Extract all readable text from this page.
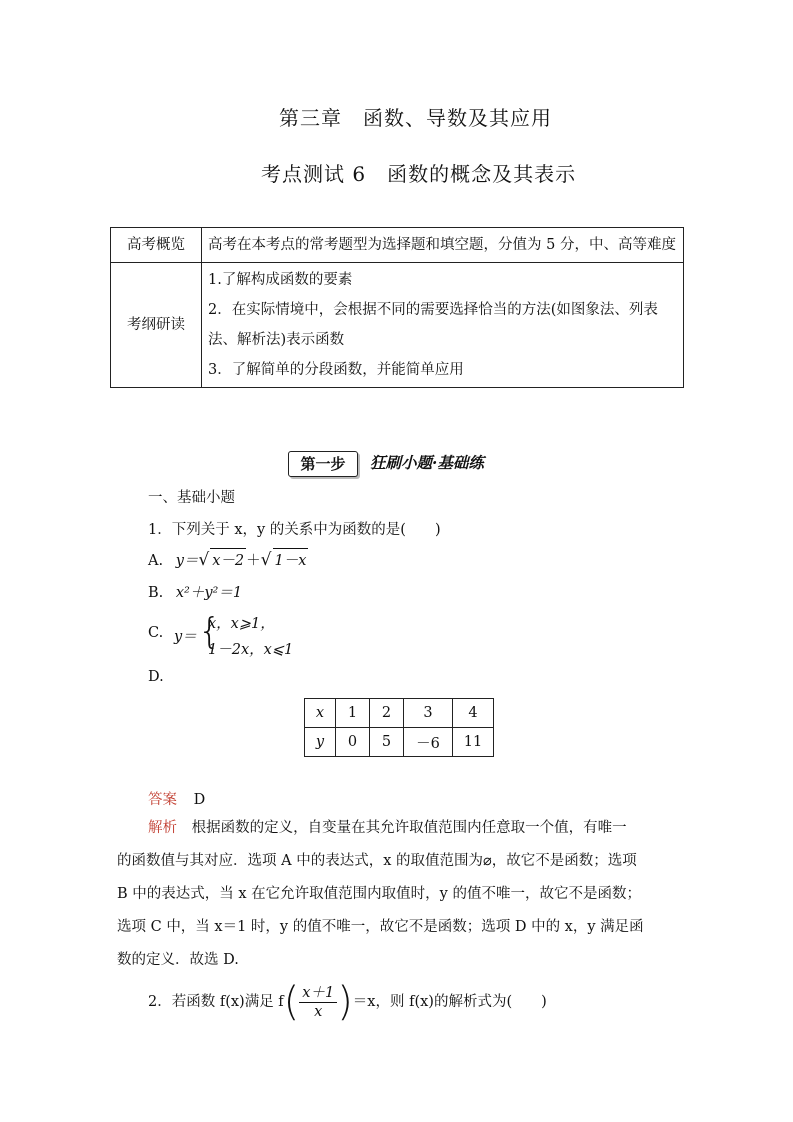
第三章　函数、导数及其应用
考点测试 6　函数的概念及其表示
高考概览	高考在本考点的常考题型为选择题和填空题，分值为 5 分，中、高等难度
考纲研读	1.了解构成函数的要素
2．在实际情境中，会根据不同的需要选择恰当的方法(如图象法、列表法、解析法)表示函数
3．了解简单的分段函数，并能简单应用
第一步	狂刷小题·基础练
一、基础小题
1．下列关于 x，y 的关系中为函数的是(　　)
A. y＝√ x－2 ＋√ 1－x
B. x²＋y²＝1
C. y＝ {
x，x⩾1，
1－2x，x⩽1
D.
x	1	2	3	4
y	0	5	－6	11
答案 D
解析 根据函数的定义，自变量在其允许取值范围内任意取一个值，有唯一
的函数值与其对应．选项 A 中的表达式，x 的取值范围为⌀，故它不是函数；选项
B 中的表达式，当 x 在它允许取值范围内取值时，y 的值不唯一，故它不是函数；
选项 C 中，当 x＝1 时，y 的值不唯一，故它不是函数；选项 D 中的 x，y 满足函
数的定义．故选 D.
2．若函数 f(x)满足 $f( \frac{x+1}{x} )=x$，则 f(x)的解析式为(　　)
